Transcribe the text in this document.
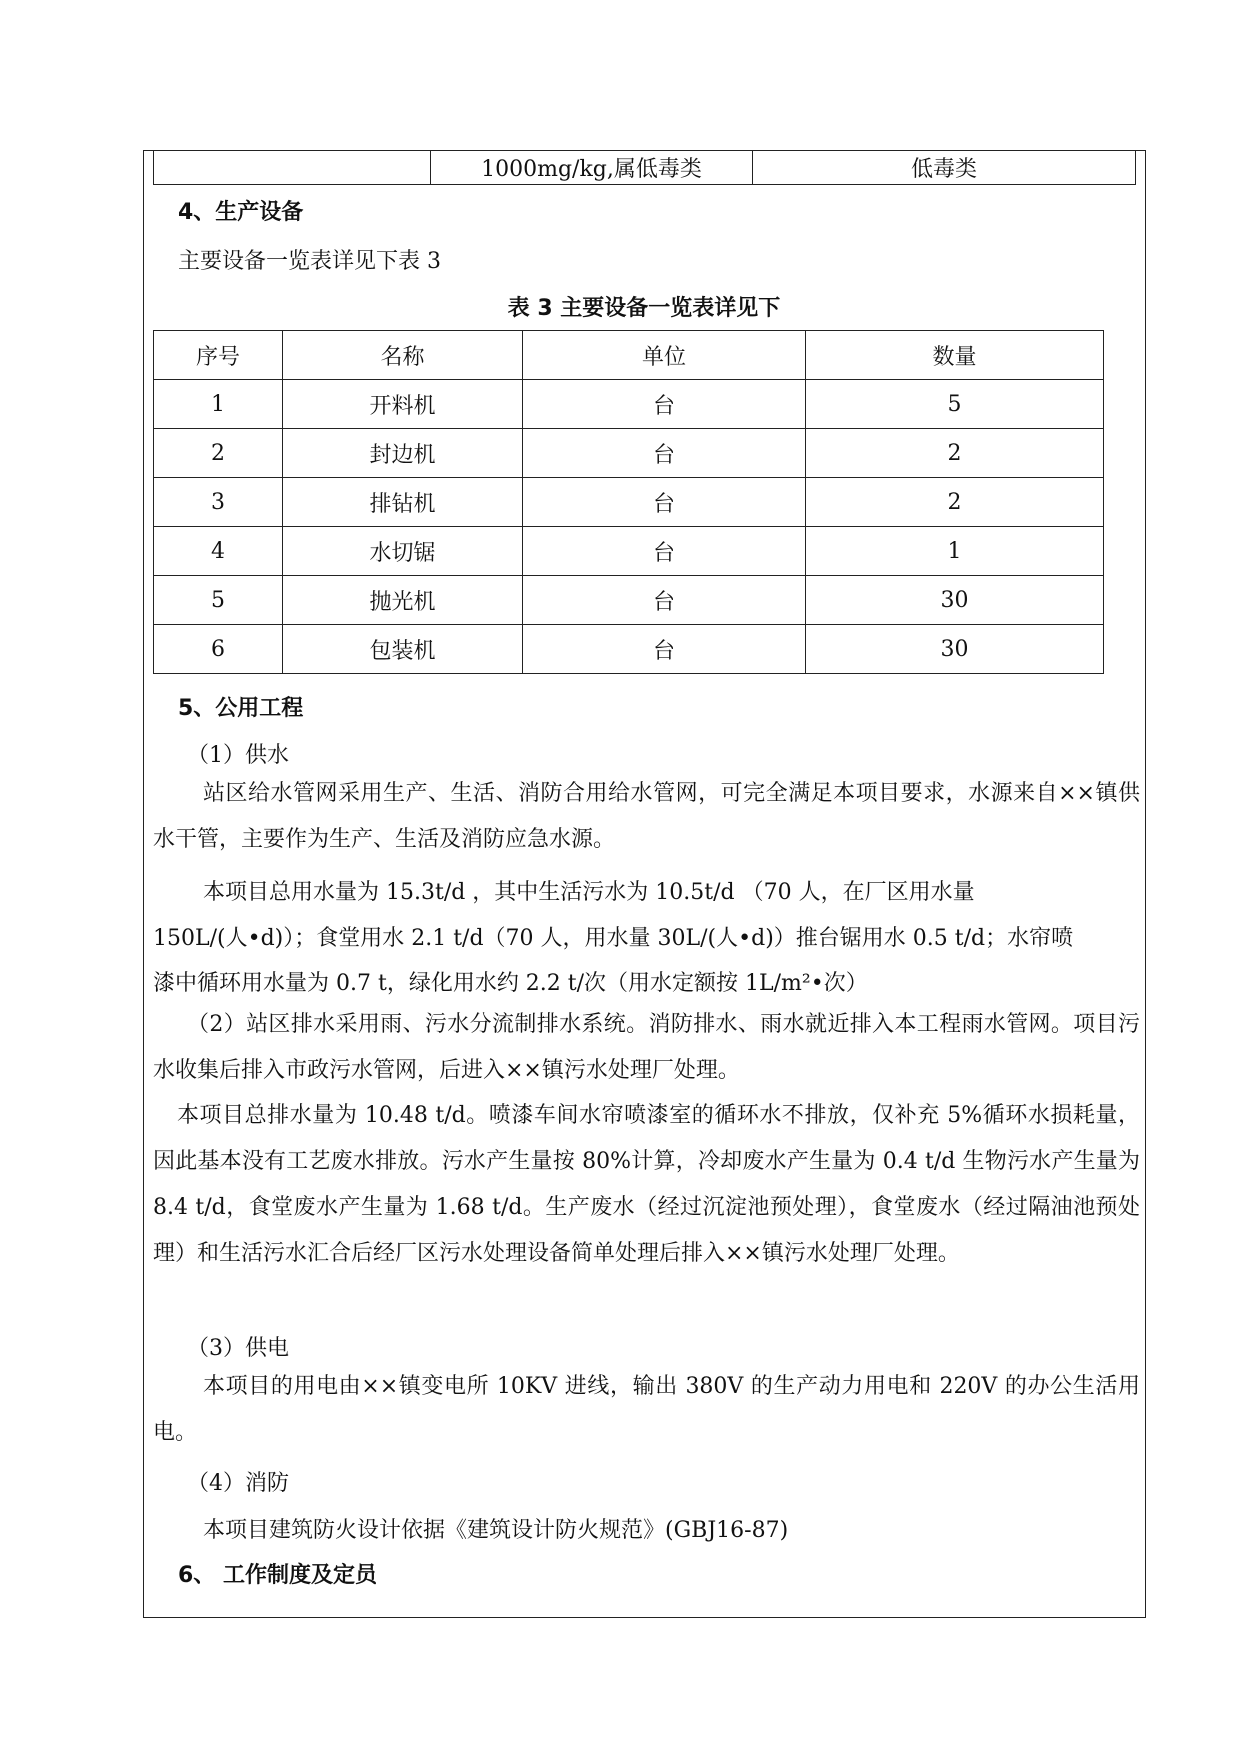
	1000mg/kg,属低毒类	低毒类

4、生产设备

主要设备一览表详见下表 3

表 3 主要设备一览表详见下

序号	名称	单位	数量
1	开料机	台	5
2	封边机	台	2
3	排钻机	台	2
4	水切锯	台	1
5	抛光机	台	30
6	包装机	台	30

5、公用工程

（1）供水

站区给水管网采用生产、生活、消防合用给水管网，可完全满足本项目要求，水源来自××镇供水干管，主要作为生产、生活及消防应急水源。

本项目总用水量为 15.3t/d ，其中生活污水为 10.5t/d （70 人，在厂区用水量

150L/(人•d)）；食堂用水 2.1 t/d（70 人，用水量 30L/(人•d)）推台锯用水 0.5 t/d；水帘喷

漆中循环用水量为 0.7 t，绿化用水约 2.2 t/次（用水定额按 1L/m²•次）

（2）站区排水采用雨、污水分流制排水系统。消防排水、雨水就近排入本工程雨水管网。项目污水收集后排入市政污水管网，后进入××镇污水处理厂处理。

本项目总排水量为 10.48 t/d。喷漆车间水帘喷漆室的循环水不排放，仅补充 5%循环水损耗量，因此基本没有工艺废水排放。污水产生量按 80%计算，冷却废水产生量为 0.4 t/d 生物污水产生量为 8.4 t/d，食堂废水产生量为 1.68 t/d。生产废水（经过沉淀池预处理），食堂废水（经过隔油池预处理）和生活污水汇合后经厂区污水处理设备简单处理后排入××镇污水处理厂处理。

（3）供电

本项目的用电由××镇变电所 10KV 进线，输出 380V 的生产动力用电和 220V 的办公生活用电。

（4）消防

本项目建筑防火设计依据《建筑设计防火规范》(GBJ16-87)

6、 工作制度及定员
